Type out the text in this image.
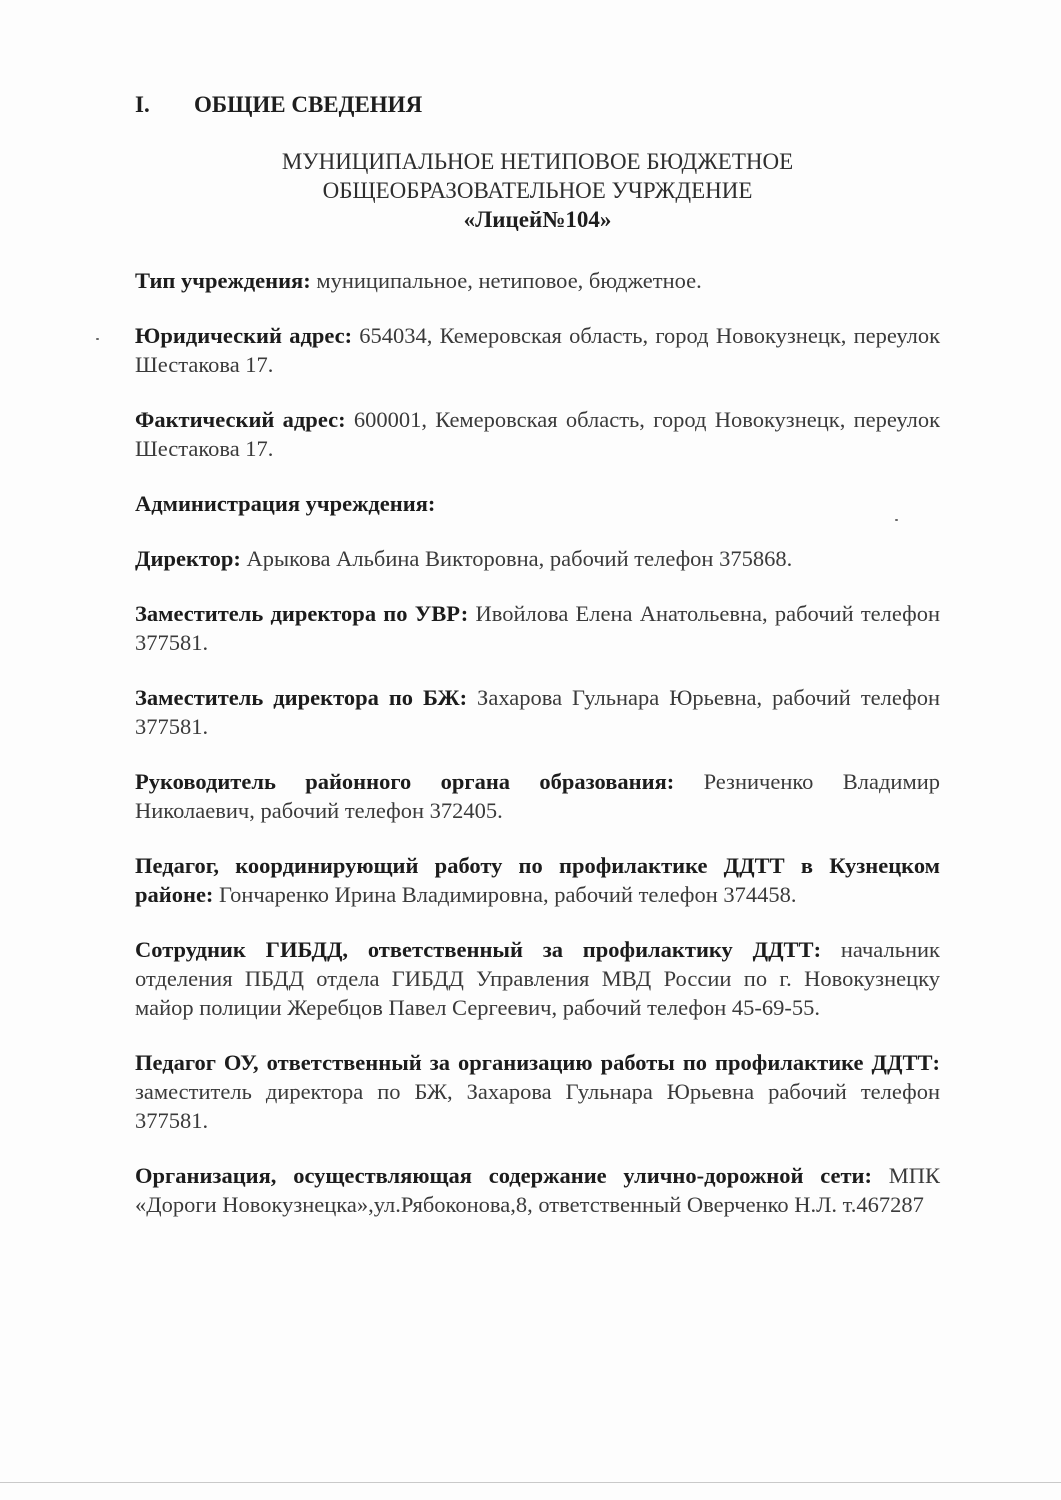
I. ОБЩИЕ СВЕДЕНИЯ
МУНИЦИПАЛЬНОЕ НЕТИПОВОЕ БЮДЖЕТНОЕ
ОБЩЕОБРАЗОВАТЕЛЬНОЕ УЧРЖДЕНИЕ
«Лицей№104»

Тип учреждения: муниципальное, нетиповое, бюджетное.

Юридический адрес: 654034, Кемеровская область, город Новокузнецк, переулок Шестакова 17.

Фактический адрес: 600001, Кемеровская область, город Новокузнецк, переулок Шестакова 17.

Администрация учреждения:

Директор: Арыкова Альбина Викторовна, рабочий телефон 375868.

Заместитель директора по УВР: Ивойлова Елена Анатольевна, рабочий телефон 377581.

Заместитель директора по БЖ: Захарова Гульнара Юрьевна, рабочий телефон 377581.

Руководитель районного органа образования: Резниченко Владимир Николаевич, рабочий телефон 372405.

Педагог, координирующий работу по профилактике ДДТТ в Кузнецком районе: Гончаренко Ирина Владимировна, рабочий телефон 374458.

Сотрудник ГИБДД, ответственный за профилактику ДДТТ: начальник отделения ПБДД отдела ГИБДД Управления МВД России по г. Новокузнецку майор полиции Жеребцов Павел Сергеевич, рабочий телефон 45-69-55.

Педагог ОУ, ответственный за организацию работы по профилактике ДДТТ: заместитель директора по БЖ, Захарова Гульнара Юрьевна рабочий телефон 377581.

Организация, осуществляющая содержание улично-дорожной сети: МПК «Дороги Новокузнецка»,ул.Рябоконова,8, ответственный Оверченко Н.Л. т.467287
